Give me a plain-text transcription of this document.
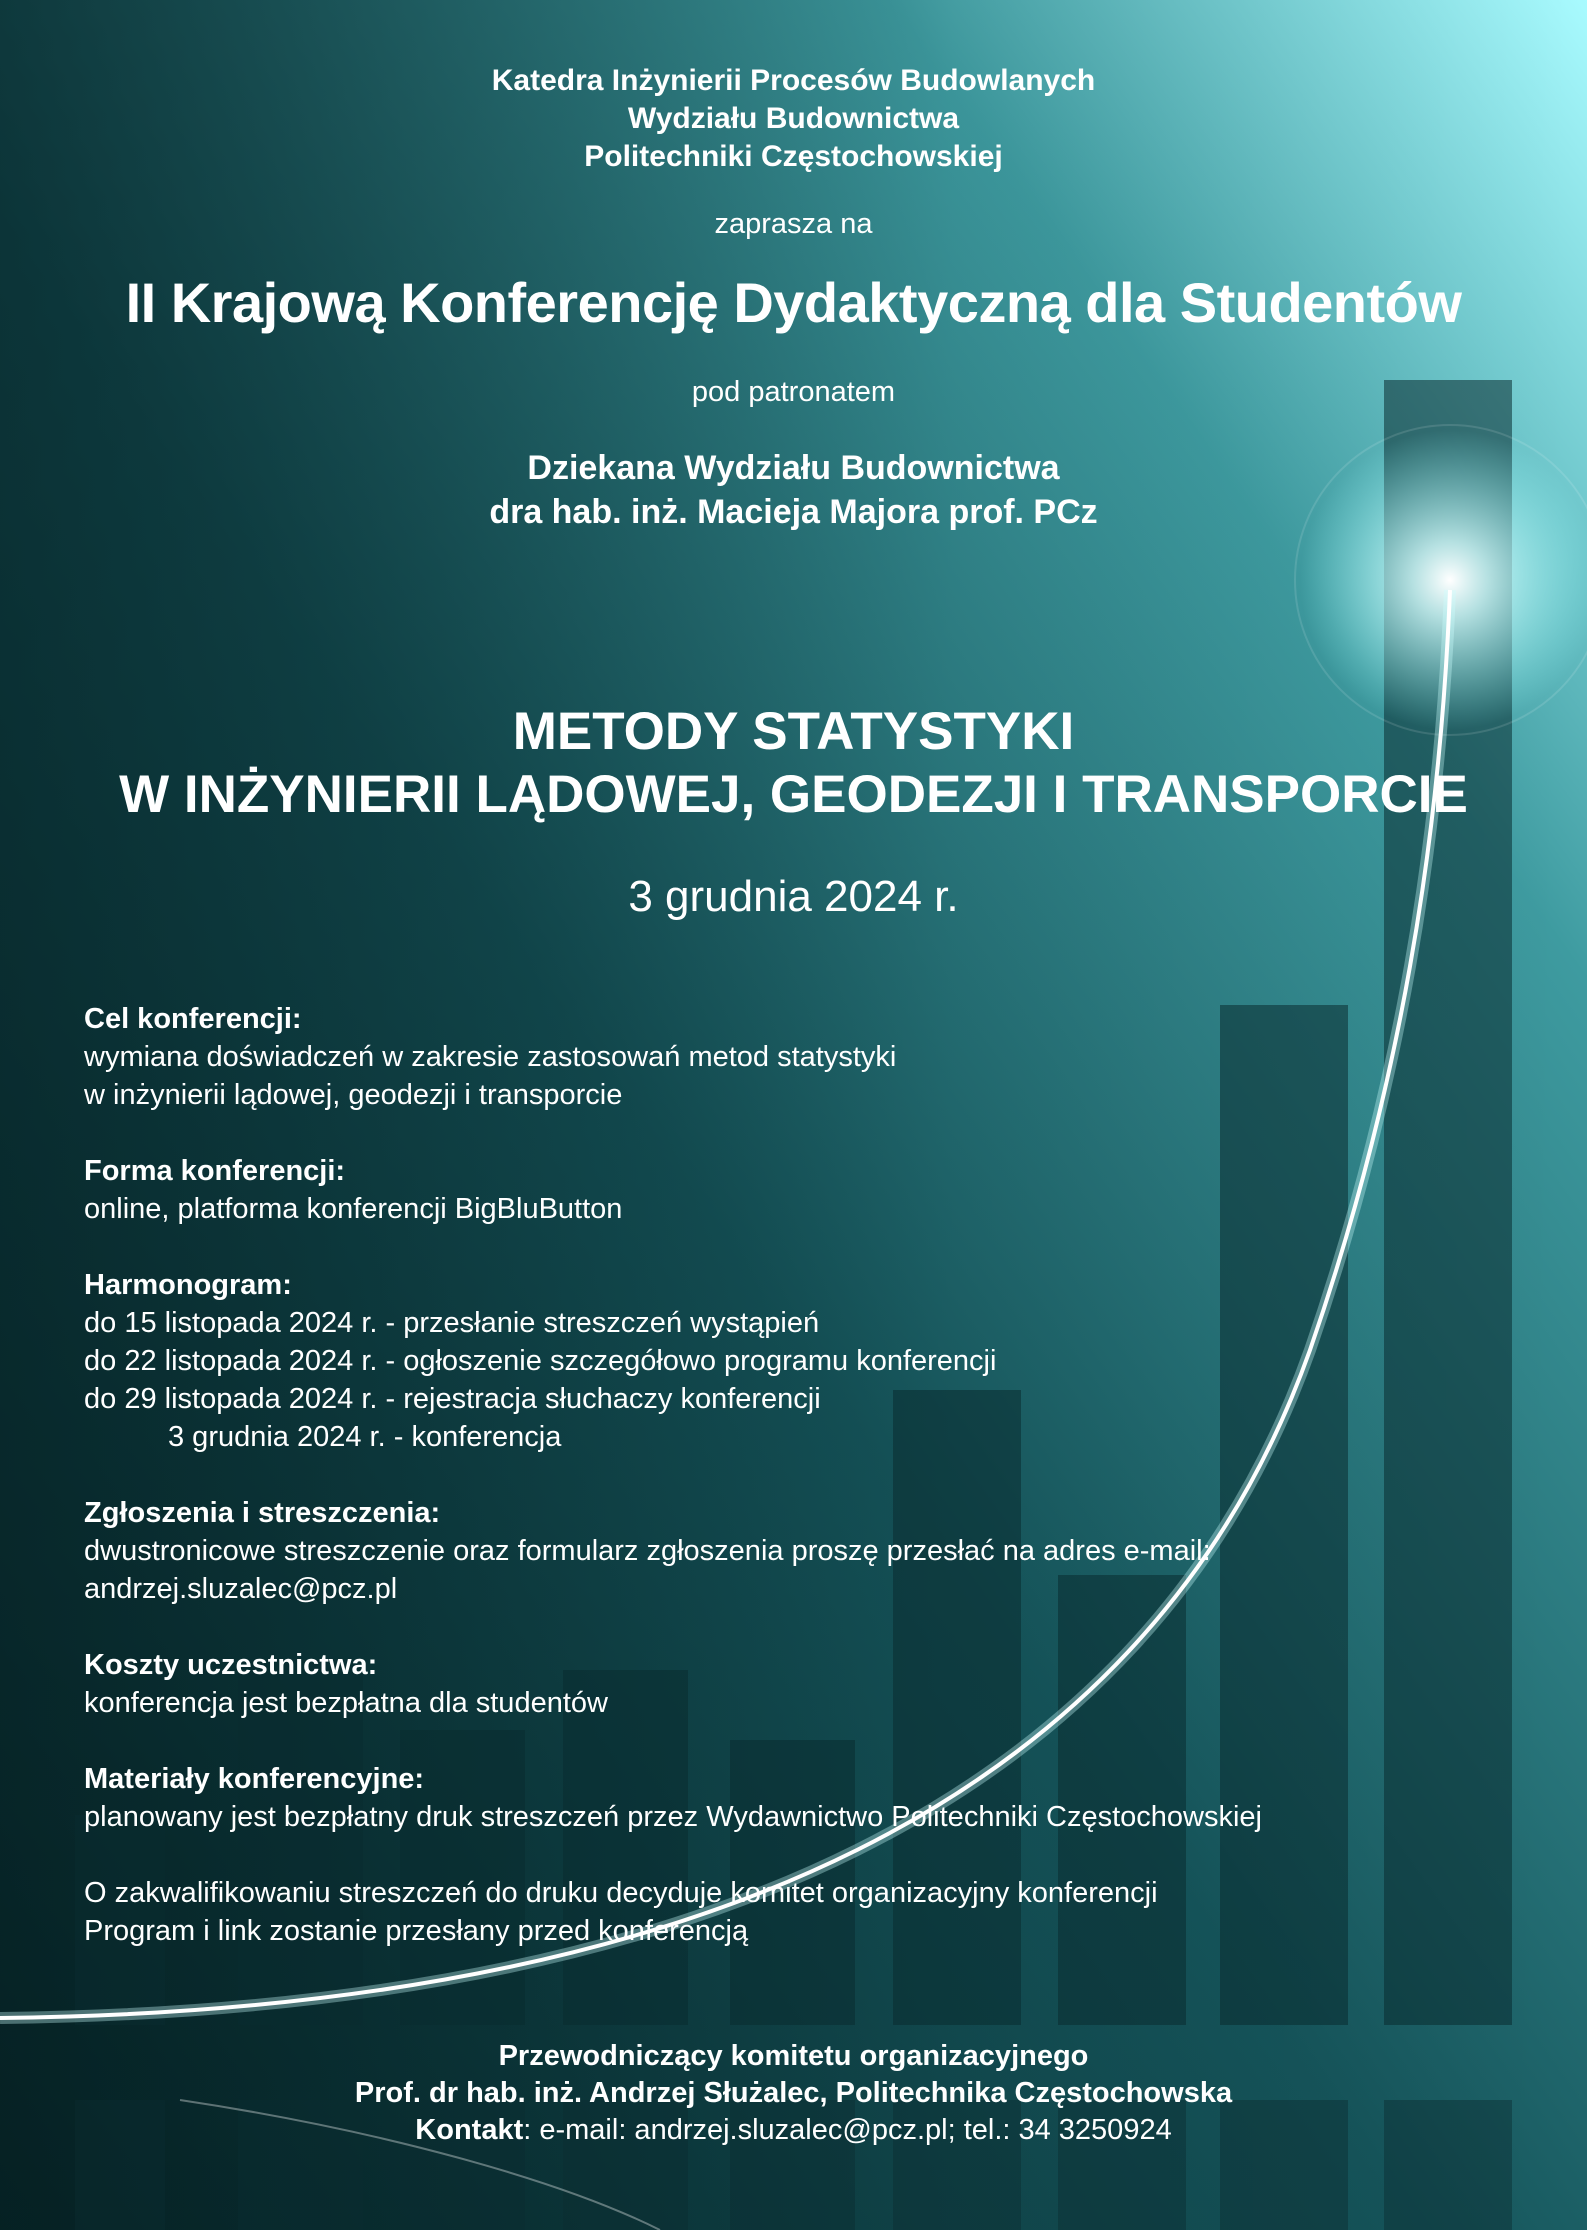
Katedra Inżynierii Procesów Budowlanych
Wydziału Budownictwa
Politechniki Częstochowskiej
zaprasza na
II Krajową Konferencję Dydaktyczną dla Studentów
pod patronatem
Dziekana Wydziału Budownictwa
dra hab. inż. Macieja Majora prof. PCz
METODY STATYSTYKI
W INŻYNIERII LĄDOWEJ, GEODEZJI I TRANSPORCIE
3 grudnia 2024 r.
Cel konferencji:
wymiana doświadczeń w zakresie zastosowań metod statystyki
w inżynierii lądowej, geodezji i transporcie
Forma konferencji:
online, platforma konferencji BigBluButton
Harmonogram:
do 15 listopada 2024 r. - przesłanie streszczeń wystąpień
do 22 listopada 2024 r. - ogłoszenie szczegółowo programu konferencji
do 29 listopada 2024 r. - rejestracja słuchaczy konferencji
3 grudnia 2024 r. - konferencja
Zgłoszenia i streszczenia:
dwustronicowe streszczenie oraz formularz zgłoszenia proszę przesłać na adres e-mail:
andrzej.sluzalec@pcz.pl
Koszty uczestnictwa:
konferencja jest bezpłatna dla studentów
Materiały konferencyjne:
planowany jest bezpłatny druk streszczeń przez Wydawnictwo Politechniki Częstochowskiej
O zakwalifikowaniu streszczeń do druku decyduje komitet organizacyjny konferencji
Program i link zostanie przesłany przed konferencją
Przewodniczący komitetu organizacyjnego
Prof. dr hab. inż. Andrzej Służalec, Politechnika Częstochowska
Kontakt: e-mail: andrzej.sluzalec@pcz.pl; tel.: 34 3250924
